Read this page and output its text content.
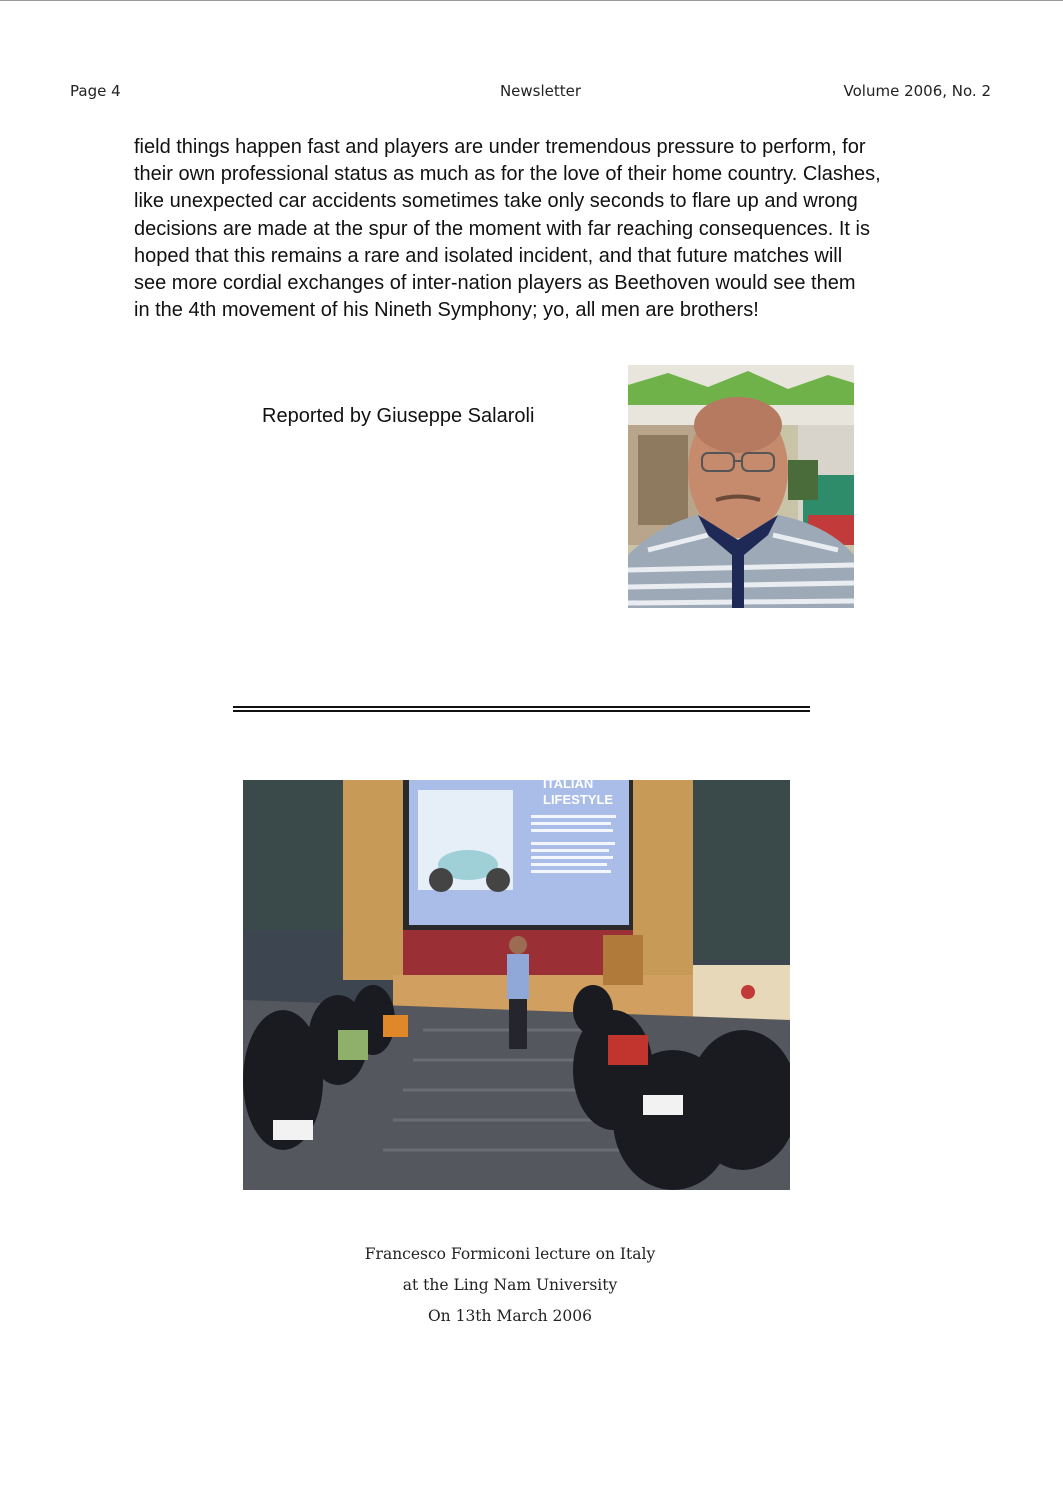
Page 4	Newsletter	Volume 2006, No. 2

field things happen fast and players are under tremendous pressure to perform, for

their own professional status as much as for the love of their home country. Clashes,

like unexpected car accidents sometimes take only seconds to flare up and wrong

decisions are made at the spur of the moment with far reaching consequences. It is

hoped that this remains a rare and isolated incident, and that future matches will

see more cordial exchanges of inter-nation players as Beethoven would see them

in the 4th movement of his Nineth Symphony; yo, all men are brothers!

Reported by Giuseppe Salaroli
ITALIAN
LIFESTYLE
Francesco Formiconi lecture on Italy
at the Ling Nam University
On 13th March 2006
